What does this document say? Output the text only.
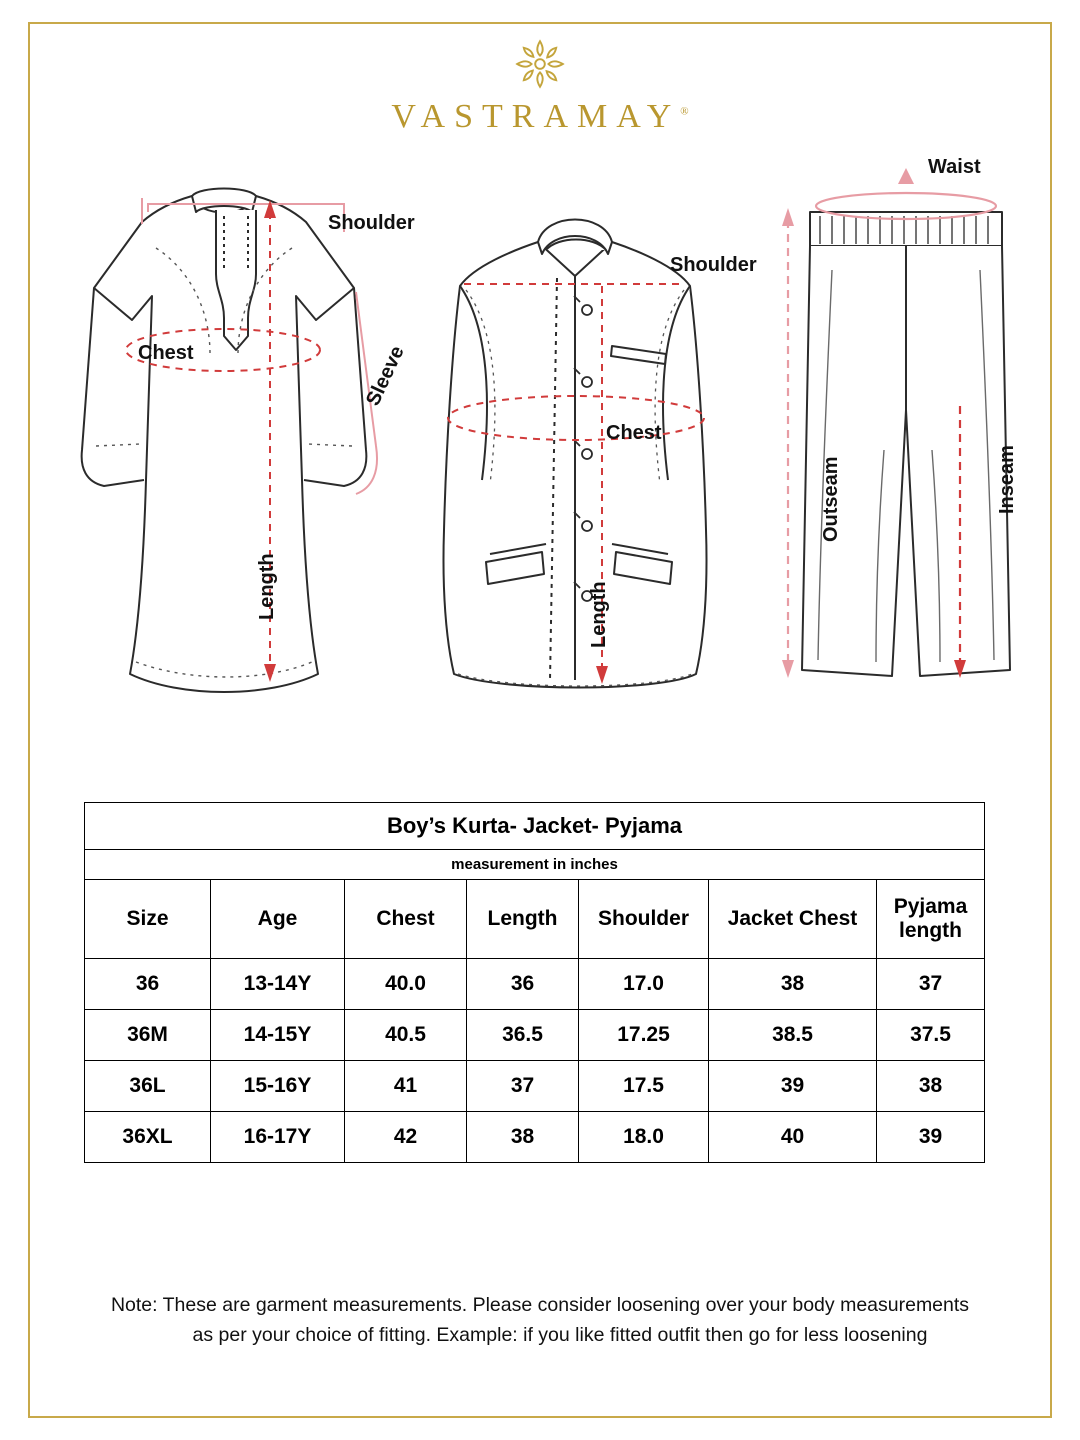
VASTRAMAY®
Shoulder
Chest	Sleeve
Length
Shoulder
Chest
Length
Waist
Outseam	Inseam
Boy’s Kurta- Jacket- Pyjama						
measurement in inches						
Size	Age	Chest	Length	Shoulder	Jacket Chest	Pyjama
length
36	13-14Y	40.0	36	17.0	38	37
36M	14-15Y	40.5	36.5	17.25	38.5	37.5
36L	15-16Y	41	37	17.5	39	38
36XL	16-17Y	42	38	18.0	40	39
Note: These are garment measurements. Please consider loosening over your body measurements
as per your choice of fitting. Example: if you like fitted outfit then go for less loosening
